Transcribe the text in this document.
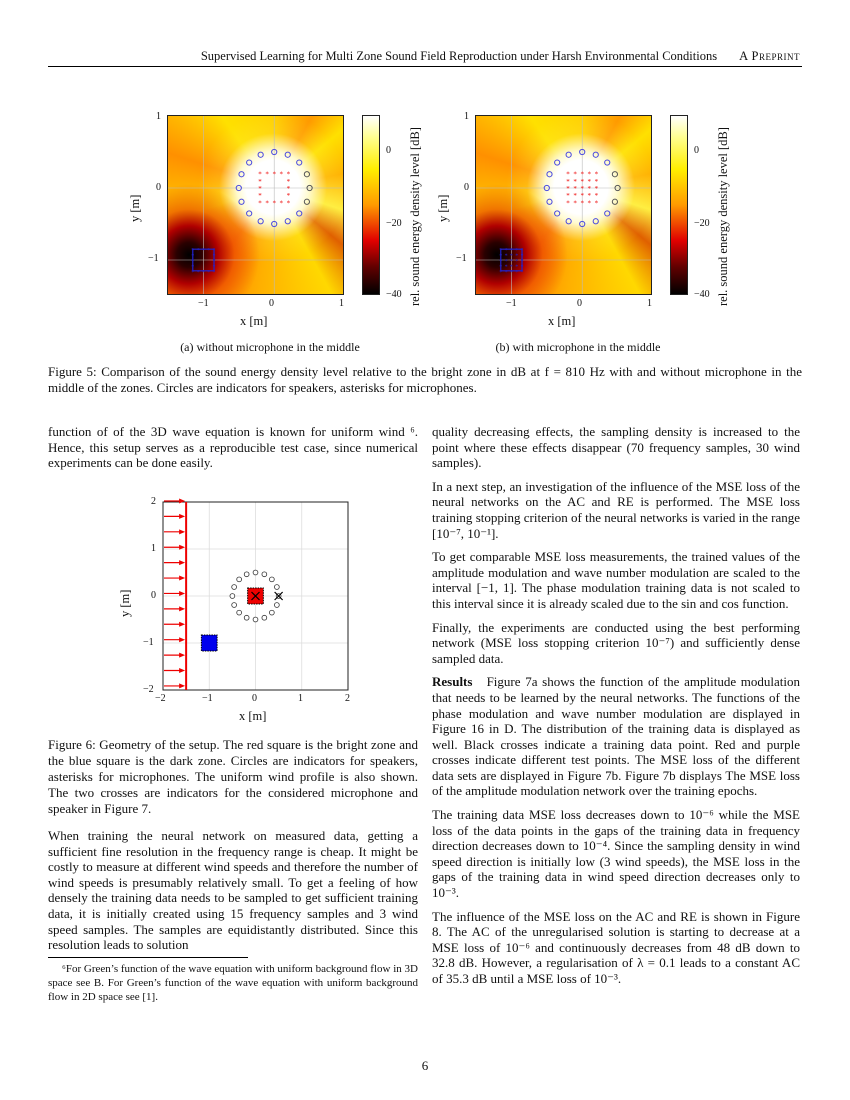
Supervised Learning for Multi Zone Sound Field Reproduction under Harsh Environmental Conditions A Preprint
*
*
*
*
*
*
*
*
*
*
*
*
*
*
*
*
*
*
*
*
*
*
*
*
*
*
*
*
*
*
*
*
1
0
−1
−1	0	1
0
−20
−40
x [m]
y [m]	rel. sound energy density level [dB]
(a) without microphone in the middle
*
*
*
*
*
*
*
*
*
*
*
*
*
*
*
*
*
*
*
*
*
*
*
*
*
*
*
*
*
*
*
*
*
*
*
*
*
*
*
*
*
*
*
*
*
*
*
*
*
*
1
0
−1
−1	0	1
0
−20
−40
x [m]
y [m]	rel. sound energy density level [dB]
(b) with microphone in the middle
Figure 5: Comparison of the sound energy density level relative to the bright zone in dB at f = 810 Hz with and without microphone in the middle of the zones. Circles are indicators for speakers, asterisks for microphones.

function of of the 3D wave equation is known for uniform wind ⁶. Hence, this setup serves as a reproducible test case, since numerical experiments can be done easily.

2
1
0
−1
−2
−2	−1	0	1	2
x [m]
y [m]
Figure 6: Geometry of the setup. The red square is the bright zone and the blue square is the dark zone. Circles are indicators for speakers, asterisks for microphones. The uniform wind profile is also shown. The two crosses are indicators for the considered microphone and speaker in Figure 7.

When training the neural network on measured data, getting a sufficient fine resolution in the frequency range is cheap. It might be costly to measure at different wind speeds and therefore the number of wind speeds is presumably relatively small. To get a feeling of how densely the training data needs to be sampled to get sufficient training data, it is initially created using 15 frequency samples and 3 wind speed samples. The samples are equidistantly distributed. Since this resolution leads to solution

⁶For Green’s function of the wave equation with uniform background flow in 3D space see B. For Green’s function of the wave equation with uniform background flow in 2D space see [1].

quality decreasing effects, the sampling density is increased to the point where these effects disappear (70 frequency samples, 30 wind samples).

In a next step, an investigation of the influence of the MSE loss of the neural networks on the AC and RE is performed. The MSE loss training stopping criterion of the neural networks is varied in the range [10⁻⁷, 10⁻¹].

To get comparable MSE loss measurements, the trained values of the amplitude modulation and wave number modulation are scaled to the interval [−1, 1]. The phase modulation training data is not scaled to this interval since it is already scaled due to the sin and cos function.

Finally, the experiments are conducted using the best performing network (MSE loss stopping criterion 10⁻⁷) and sufficiently dense sampled data.

Results Figure 7a shows the function of the amplitude modulation that needs to be learned by the neural networks. The functions of the phase modulation and wave number modulation are displayed in Figure 16 in D. The distribution of the training data is displayed as well. Black crosses indicate a training data point. Red and purple crosses indicate different test points. The MSE loss of the different data sets are displayed in Figure 7b. Figure 7b displays The MSE loss of the amplitude modulation network over the training epochs.

The training data MSE loss decreases down to 10⁻⁶ while the MSE loss of the data points in the gaps of the training data in frequency direction decreases down to 10⁻⁴. Since the sampling density in wind speed direction is initially low (3 wind speeds), the MSE loss in the gaps of the training data in wind speed direction decreases only to 10⁻³.

The influence of the MSE loss on the AC and RE is shown in Figure 8. The AC of the unregularised solution is starting to decrease at a MSE loss of 10⁻⁶ and continuously decreases from 48 dB down to 32.8 dB. However, a regularisation of λ = 0.1 leads to a constant AC of 35.3 dB until a MSE loss of 10⁻³.

6
